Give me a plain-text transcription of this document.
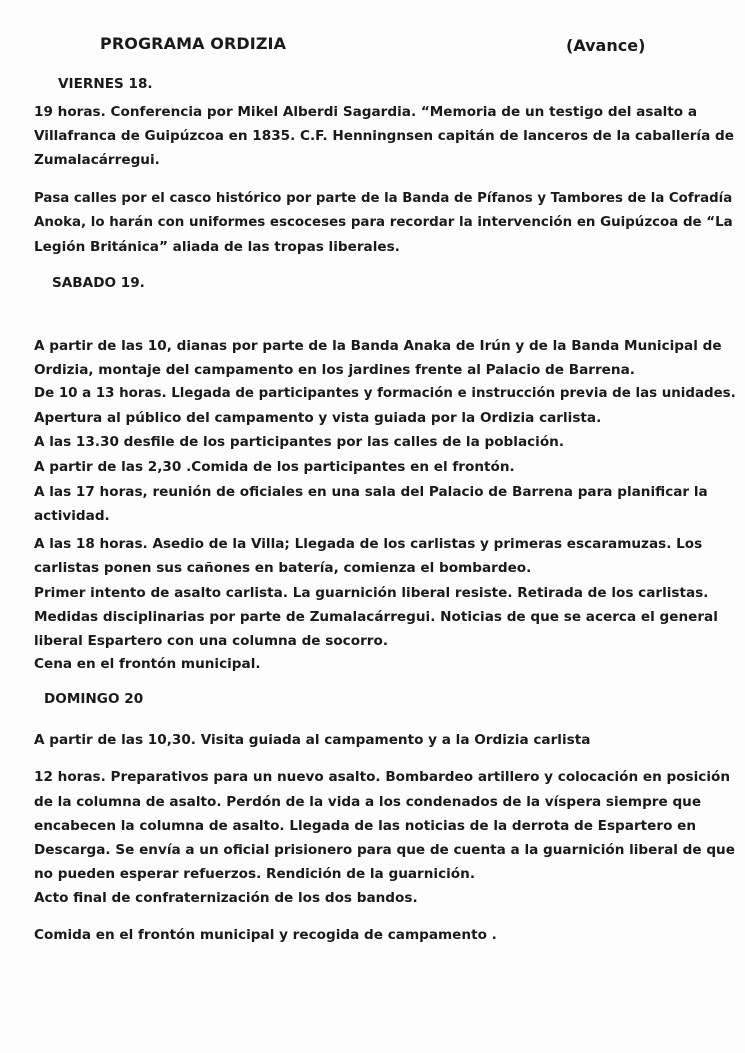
PROGRAMA ORDIZIA	(Avance)
VIERNES 18.
19 horas. Conferencia por Mikel Alberdi Sagardia. “Memoria de un testigo del asalto a
Villafranca de Guipúzcoa en 1835. C.F. Henningnsen capitán de lanceros de la caballería de
Zumalacárregui.
Pasa calles por el casco histórico por parte de la Banda de Pífanos y Tambores de la Cofradía
Anoka, lo harán con uniformes escoceses para recordar la intervención en Guipúzcoa de “La
Legión Británica” aliada de las tropas liberales.
SABADO 19.
A partir de las 10, dianas por parte de la Banda Anaka de Irún y de la Banda Municipal de
Ordizia, montaje del campamento en los jardines frente al Palacio de Barrena.
De 10 a 13 horas. Llegada de participantes y formación e instrucción previa de las unidades.
Apertura al público del campamento y vista guiada por la Ordizia carlista.
A las 13.30 desfile de los participantes por las calles de la población.
A partir de las 2,30 .Comida de los participantes en el frontón.
A las 17 horas, reunión de oficiales en una sala del Palacio de Barrena para planificar la
actividad.
A las 18 horas. Asedio de la Villa; Llegada de los carlistas y primeras escaramuzas. Los
carlistas ponen sus cañones en batería, comienza el bombardeo.
Primer intento de asalto carlista. La guarnición liberal resiste. Retirada de los carlistas.
Medidas disciplinarias por parte de Zumalacárregui. Noticias de que se acerca el general
liberal Espartero con una columna de socorro.
Cena en el frontón municipal.
DOMINGO 20
A partir de las 10,30. Visita guiada al campamento y a la Ordizia carlista
12 horas. Preparativos para un nuevo asalto. Bombardeo artillero y colocación en posición
de la columna de asalto. Perdón de la vida a los condenados de la víspera siempre que
encabecen la columna de asalto. Llegada de las noticias de la derrota de Espartero en
Descarga. Se envía a un oficial prisionero para que de cuenta a la guarnición liberal de que
no pueden esperar refuerzos. Rendición de la guarnición.
Acto final de confraternización de los dos bandos.
Comida en el frontón municipal y recogida de campamento .
